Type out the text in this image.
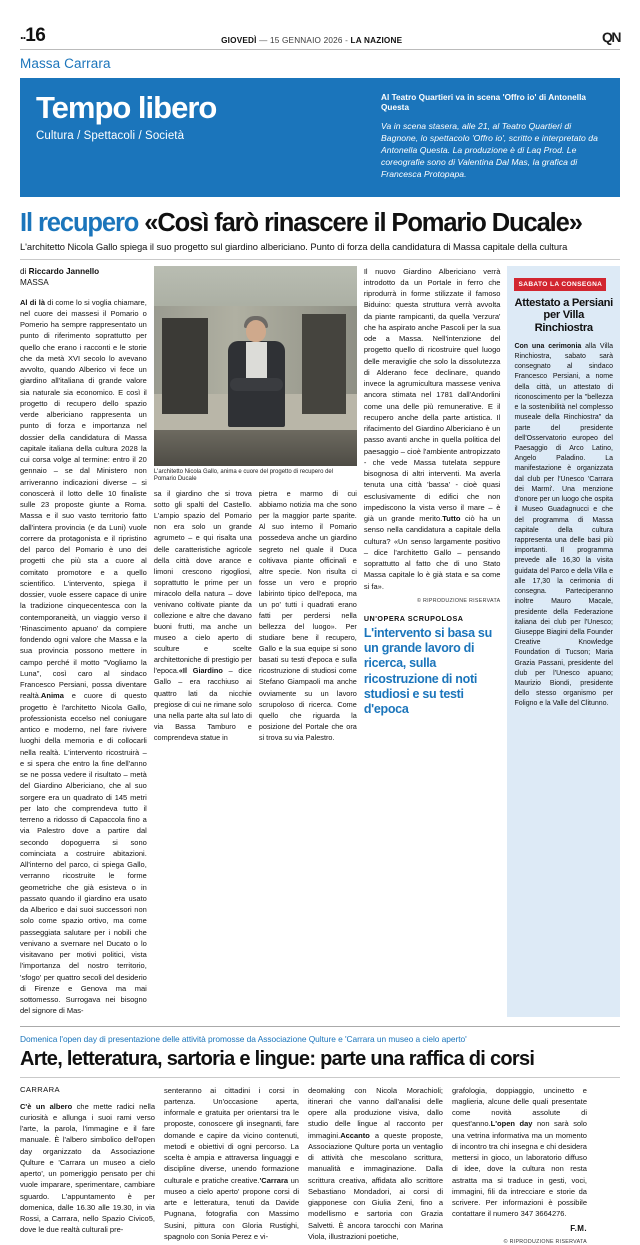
..16	GIOVEDÌ — 15 GENNAIO 2026 - LA NAZIONE	QN
Massa Carrara
Tempo libero
Cultura / Spettacoli / Società
Al Teatro Quartieri va in scena 'Offro io' di Antonella Questa

Va in scena stasera, alle 21, al Teatro Quartieri di Bagnone, lo spettacolo 'Offro io', scritto e interpretato da Antonella Questa. La produzione è di Laq Prod. Le coreografie sono di Valentina Dal Mas, la grafica di Francesca Protopapa.

Il recupero «Così farò rinascere il Pomario Ducale»
L'architetto Nicola Gallo spiega il suo progetto sul giardino albericiano. Punto di forza della candidatura di Massa capitale della cultura
di Riccardo Jannello
MASSA

Al di là di come lo si voglia chiamare, nel cuore dei massesi il Pomario o Pomerio ha sempre rappresentato un punto di riferimento soprattutto per quello che erano i racconti e le storie che da metà XVI secolo lo avevano avvolto, quando Alberico vi fece un giardino all'italiana di grande valore sia naturale sia economico. E così il progetto di recupero dello spazio verde albericiano rappresenta un punto di forza e importanza nel dossier della candidatura di Massa capitale italiana della cultura 2028 la cui corsa volge al termine: entro il 20 gennaio – se dal Ministero non arriveranno indicazioni diverse – si conoscerà il lotto delle 10 finaliste sulle 23 proposte giunte a Roma. Massa e il suo vasto territorio fatto dall'intera provincia (e da Luni) vuole correre da protagonista e il ripristino del parco del Pomario è uno dei progetti che più sta a cuore al comitato promotore e a quello scientifico. L'intervento, spiega il dossier, vuole essere capace di unire la tradizione cinquecentesca con la contemporaneità, un viaggio verso il 'Rinascimento apuano' da compiere fondendo ogni valore che Massa e la sua provincia possono mettere in campo perché il motto "Vogliamo la Luna", così caro al sindaco Francesco Persiani, possa diventare realtà.Anima e cuore di questo progetto è l'architetto Nicola Gallo, professionista eccelso nel coniugare antico e moderno, nel fare rivivere luoghi della memoria e di collocarli nella realtà. L'intervento ricostruirà – e si spera che entro la fine dell'anno se ne possa vedere il risultato – metà del Giardino Albericiano, che al suo sorgere era un quadrato di 145 metri per lato che comprendeva tutto il terreno a ridosso di Capaccola fino a via Palestro dove a partire dal secondo dopoguerra si sono cominciata a costruire abitazioni. All'interno del parco, ci spiega Gallo, verranno ricostruite le forme geometriche che già esisteva o in passato quando il giardino era usato da Alberico e dai suoi successori non solo come spazio ortivo, ma come passeggiata salutare per i nobili che venivano a svernare nel Ducato o lo visitavano per motivi politici, vista l'importanza del nostro territorio, 'sfogo' per quattro secoli del desiderio di Firenze e Genova ma mai sottomesso. Surrogava nei bisogno del signore di Mas-

L'architetto Nicola Gallo, anima e cuore del progetto di recupero del Pomario Ducale

sa il giardino che si trova sotto gli spalti del Castello. L'ampio spazio del Pomario non era solo un grande agrumeto – e qui risalta una delle caratteristiche agricole della città dove arance e limoni crescono rigogliosi, soprattutto le prime per un miracolo della natura – dove venivano coltivate piante da collezione e altre che davano buoni frutti, ma anche un museo a cielo aperto di sculture e scelte architettoniche di prestigio per l'epoca.«Il Giardino – dice Gallo – era racchiuso ai quattro lati da nicchie pregiose di cui ne rimane solo una nella parte alta sul lato di via Bassa Tamburo e comprendeva statue in

pietra e marmo di cui abbiamo notizia ma che sono per la maggior parte sparite. Al suo interno il Pomario possedeva anche un giardino segreto nel quale il Duca coltivava piante officinali e altre specie. Non risulta ci fosse un vero e proprio labirinto tipico dell'epoca, ma un po' tutti i quadrati erano fatti per perdersi nella bellezza del luogo». Per studiare bene il recupero, Gallo e la sua equipe si sono basati su testi d'epoca e sulla ricostruzione di studiosi come Stefano Giampaoli ma anche ovviamente su un lavoro scrupoloso di ricerca. Come quello che riguarda la posizione del Portale che ora si trova su via Palestro.

Il nuovo Giardino Albericiano verrà introdotto da un Portale in ferro che riprodurrà in forme stilizzate il famoso Biduino: questa struttura verrà avvolta da piante rampicanti, da quella 'verzura' che ha aspirato anche Pascoli per la sua ode a Massa. Nell'intenzione del progetto quello di ricostruire quel luogo delle meraviglie che solo la dissolutezza di Alderano fece declinare, quando invece la agrumicultura massese veniva ancora stimata nel 1781 dall'Andorlini come una delle più remunerative. E il recupero anche della parte artistica. Il rifacimento del Giardino Albericiano è un passo avanti anche in quella politica del paesaggio – cioè l'ambiente antropizzato - che vede Massa tutelata seppure bisognosa di altri interventi. Ma averla tenuta una città 'bassa' - cioè quasi esclusivamente di edifici che non impediscono la vista verso il mare – è già un grande merito.Tutto ciò ha un senso nella candidatura a capitale della cultura? «Un senso largamente positivo – dice l'architetto Gallo – pensando soprattutto al fatto che di uno Stato Massa capitale lo è già stata e sa come si fa».

© RIPRODUZIONE RISERVATA
UN'OPERA SCRUPOLOSA
L'intervento si basa su un grande lavoro di ricerca, sulla ricostruzione di noti studiosi e su testi d'epoca
SABATO LA CONSEGNA
Attestato a Persiani per Villa Rinchiostra
Con una cerimonia alla Villa Rinchiostra, sabato sarà consegnato al sindaco Francesco Persiani, a nome della città, un attestato di riconoscimento per la "bellezza e la sostenibilità nel complesso museale della Rinchiostra" da parte del presidente dell'Osservatorio europeo del Paesaggio di Arco Latino, Angelo Paladino. La manifestazione è organizzata dal club per l'Unesco 'Carrara dei Marmi'. Una menzione d'onore per un luogo che ospita il Museo Guadagnucci e che del programma di Massa capitale della cultura rappresenta una delle basi più importanti. Il programma prevede alle 16,30 la visita guidata del Parco e della Villa e alle 17,30 la cerimonia di consegna. Parteciperanno inoltre Mauro Macale, presidente della Federazione italiana dei club per l'Unesco; Giuseppe Biagini della Founder Creative Knowledge Foundation di Tucson; Maria Grazia Passani, presidente del club per l'Unesco apuano; Maurizio Biondi, presidente dello stesso organismo per Foligno e la Valle del Clitunno.
Domenica l'open day di presentazione delle attività promosse da Associazione Qulture e 'Carrara un museo a cielo aperto'
Arte, letteratura, sartoria e lingue: parte una raffica di corsi
CARRARA

C'è un albero che mette radici nella curiosità e allunga i suoi rami verso l'arte, la parola, l'immagine e il fare manuale. È l'albero simbolico dell'open day organizzato da Associazione Qulture e 'Carrara un museo a cielo aperto', un pomeriggio pensato per chi vuole imparare, sperimentare, cambiare sguardo. L'appuntamento è per domenica, dalle 16.30 alle 19.30, in via Rossi, a Carrara, nello Spazio Civico5, dove le due realtà culturali pre-

senteranno ai cittadini i corsi in partenza. Un'occasione aperta, informale e gratuita per orientarsi tra le proposte, conoscere gli insegnanti, fare domande e capire da vicino contenuti, metodi e obiettivi di ogni percorso. La scelta è ampia e attraversa linguaggi e discipline diverse, unendo formazione culturale e pratiche creative.'Carrara un museo a cielo aperto' propone corsi di arte e letteratura, tenuti da Davide Pugnana, fotografia con Massimo Susini, pittura con Gloria Rustighi, spagnolo con Sonia Perez e vi-

deomaking con Nicola Morachioli; itinerari che vanno dall'analisi delle opere alla produzione visiva, dallo studio delle lingue al racconto per immagini.Accanto a queste proposte, Associazione Qulture porta un ventaglio di attività che mescolano scrittura, manualità e immaginazione. Dalla scrittura creativa, affidata allo scrittore Sebastiano Mondadori, ai corsi di giapponese con Giulia Zeni, fino a modellismo e sartoria con Grazia Salvetti. È ancora tarocchi con Marina Viola, illustrazioni poetiche,

grafologia, doppiaggio, uncinetto e maglieria, alcune delle quali presentate come novità assolute di quest'anno.L'open day non sarà solo una vetrina informativa ma un momento di incontro tra chi insegna e chi desidera mettersi in gioco, un laboratorio diffuso di idee, dove la cultura non resta astratta ma si traduce in gesti, voci, immagini, fili da intrecciare e storie da scrivere. Per informazioni è possibile contattare il numero 347 3664276.

F.M.
© RIPRODUZIONE RISERVATA
